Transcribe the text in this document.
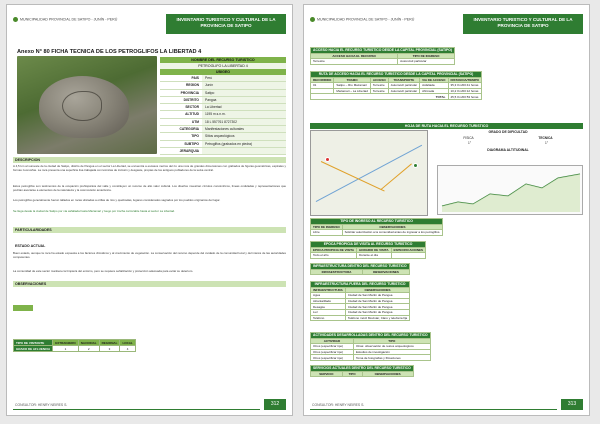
MUNICIPALIDAD PROVINCIAL DE SATIPO - JUNÍN - PERÚ	INVENTARIO TURISTICO Y CULTURAL DE LA PROVINCIA DE SATIPO
Anexo N° 80 FICHA TECNICA DE LOS PETROGLIFOS LA LIBERTAD 4
NOMBRE DEL RECURSO TURISTICO
PETROGLIFO LA LIBERTAD 4
UBIGEO
PAIS	Perú
REGION	Junín
PROVINCIA	Satipo
DISTRITO	Pangoa
SECTOR	La Libertad
ALTITUD	1195 m.s.n.m.
UTM	18 L 557761 8727302
CATEGORIA	Manifestaciones culturales
TIPO	Sitios arqueológicos
SUBTIPO	Petroglifos (grabados en piedra)
JERARQUIA
DESCRIPCION
A 4,5 km al suroeste de la ciudad de Satipo, distrito de Pangoa en el sector La Libertad, se encuentra a escasos metros del río una roca de grandes dimensiones con grabados de figuras geométricas, espirales y formas zoomorfas. La roca presenta una superficie lisa trabajada con técnicas de incisión y desgaste, propias de los antiguos pobladores de la selva central.
Estos petroglifos son testimonios de la ocupación prehispánica del valle y constituyen un recurso de alto valor cultural. Los diseños muestran círculos concéntricos, líneas onduladas y representaciones que podrían asociarse a elementos de la naturaleza y la cosmovisión amazónica.
Los petroglifos generalmente fueron tallados en rocas ubicadas a orillas de ríos y quebradas, lugares considerados sagrados por los pueblos originarios del lugar.
Se llega desde la ciudad de Satipo por vía asfaltada hasta Mazamari y luego por trocha carrozable hasta el sector La Libertad.
PARTICULARIDADES
ESTADO ACTUAL
Buen estado, aunque la roca ha estado expuesta a los factores climáticos y al crecimiento de vegetación. La conservación del recurso depende del cuidado de la comunidad local y del interés de las autoridades competentes.
La comunidad de este sector mantiene la limpieza del entorno, pero se requiere señalización y protección adecuada para evitar su deterioro.
OBSERVACIONES
TIPO DE VISITANTE	EXTRANJERO	NACIONAL	REGIONAL	LOCAL
GRADO DE AFLUENCIA	1	2	3	4
CONSULTOR: HENRY NEIRES S.	312
MUNICIPALIDAD PROVINCIAL DE SATIPO - JUNÍN - PERÚ	INVENTARIO TURISTICO Y CULTURAL DE LA PROVINCIA DE SATIPO
ACCESO HACIA EL RECURSO TURISTICO DESDE LA CAPITAL PROVINCIAL (SATIPO)	
ACCESO HACIA EL RECURSO	TIPO DE INGRESO
Terrestre	Automóvil particular
RUTA DE ACCESO HACIA EL RECURSO TURISTICO DESDE LA CAPITAL PROVINCIAL (SATIPO)					
RECORRIDO	TRAMO	ACCESO	TRANSPORTE	VIA DE ACCESO	DISTANCIA/TIEMPO
01	Satipo – Río Mazamari	Terrestre	Automóvil particular	Asfaltada	35,3 Km/00:41 horas
	Mazamari – La Libertad	Terrestre	Automóvil particular	Afirmada	10,2 Km/00:12 horas
TOTAL					45,5 Km/00:53 horas
HOJA DE RUTA HACIA EL RECURSO TURISTICO
GRADO DE DIFICULTAD
FISICA	TECNICA
1°	1°
DIAGRAMA ALTITUDINAL
TIPO DE INGRESO AL RECURSO TURISTICO	
TIPO DE INGRESO	OBSERVACIONES
Libre	Solicitar autorización a la comunidad antes de ingresar a los petroglifos.
EPOCA PROPICIA DE VISITA AL RECURSO TURISTICO		
EPOCA PROPICIA DE VISITA	HORARIO DE VISITA	ESPECIFICACIONES
Todo el año	Durante el día	
INFRAESTRUCTURA DENTRO DEL RECURSO TURISTICO
INFRAESTRUCTURA	OBSERVACIONES
INFRAESTRUCTURA FUERA DEL RECURSO TURISTICO	
INFRAESTRUCTURA	OBSERVACIONES
Agua	Ciudad de San Martín de Pangoa
Alcantarillado	Ciudad de San Martín de Pangoa
Desagüe	Ciudad de San Martín de Pangoa
Luz	Ciudad de San Martín de Pangoa
Teléfono	Teléfono móvil Movistar, Claro y telefonía fija
ACTIVIDADES DESARROLLADAS DENTRO DEL RECURSO TURISTICO	
ACTIVIDAD	TIPO
Otros (especificar tipo)	Otras: observación de restos arqueológicos
Otros (especificar tipo)	Estudios de investigación
Otros (especificar tipo)	Toma de fotografías y filmaciones
SERVICIOS ACTUALES DENTRO DEL RECURSO TURISTICO
SERVICIO	TIPO	OBSERVACIONES
CONSULTOR: HENRY NEIRES S.	313
